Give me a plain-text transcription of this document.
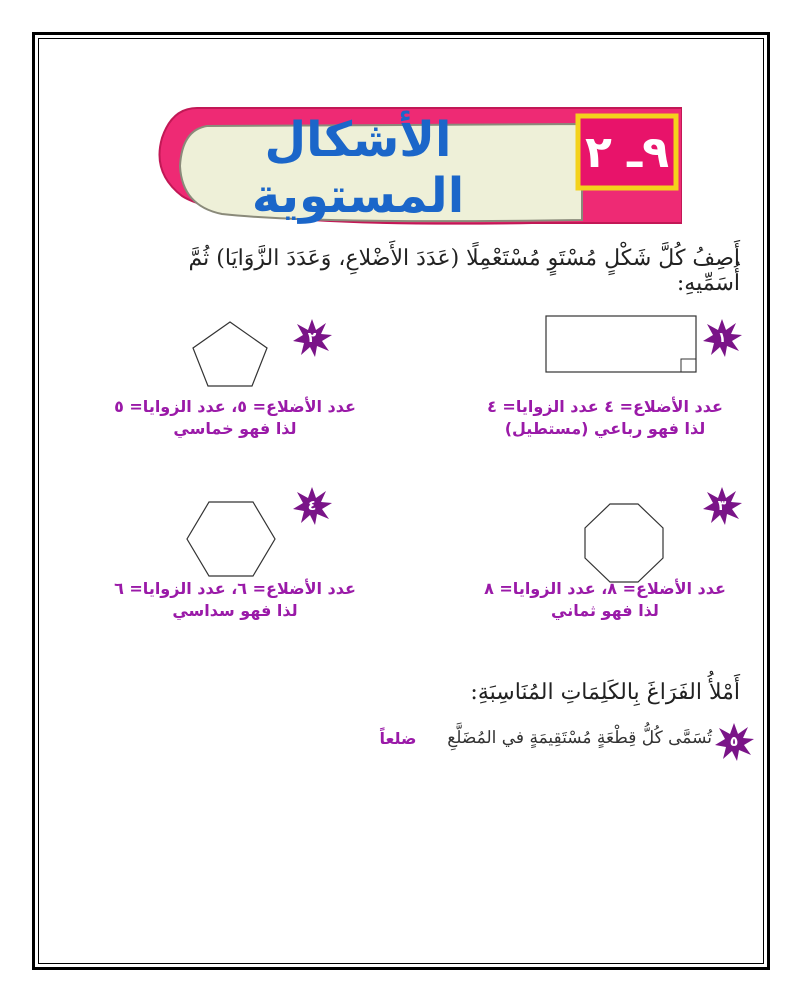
٩ـ ٢
الأشكال المستوية
أَصِفُ كُلَّ شَكْلٍ مُسْتَوٍ مُسْتَعْمِلًا (عَدَدَ الأَضْلاعِ، وَعَدَدَ الزَّوَايَا) ثُمَّ أُسَمِّيهِ:
١
عدد الأضلاع= ٤ عدد الزوايا= ٤
لذا فهو رباعي (مستطيل)
٢
عدد الأضلاع= ٥، عدد الزوايا= ٥
لذا فهو خماسي
٣
عدد الأضلاع= ٨، عدد الزوايا= ٨
لذا فهو ثماني
٤
عدد الأضلاع= ٦، عدد الزوايا= ٦
لذا فهو سداسي
أَمْلأُ الفَرَاغَ بِالكَلِمَاتِ المُنَاسِبَةِ:
٥
تُسَمَّى كُلُّ قِطْعَةٍ مُسْتَقِيمَةٍ في المُضَلَّعِ
ضلعاً
